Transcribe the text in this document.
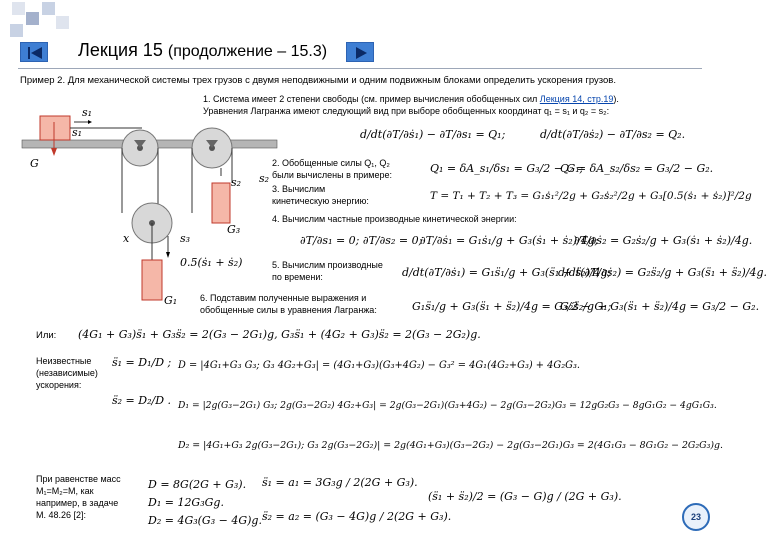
Лекция 15 (продолжение – 15.3)
Пример 2. Для механической системы трех грузов с двумя неподвижными и одним подвижным блоками определить ускорения грузов.
s₁
s₁
G
s₂
s₂
G₃
x	s₃
0.5(ṡ₁ + ṡ₂)
G₁
1. Система имеет 2 степени свободы (см. пример вычисления обобщенных сил Лекция 14, стр.19).
Уравнения Лагранжа имеют следующий вид при выборе обобщенных координат q₁ = s₁ и q₂ = s₂:
d/dt(∂T/∂ṡ₁) − ∂T/∂s₁ = Q₁;	d/dt(∂T/∂ṡ₂) − ∂T/∂s₂ = Q₂.
2. Обобщенные силы Q₁, Q₂
были вычислены в примере:	Q₁ = δA_s₁/δs₁ = G₃/2 − G₁;
Q₂ = δA_s₂/δs₂ = G₃/2 − G₂.
3. Вычислим
кинетическую энергию:	T = T₁ + T₂ + T₃ = G₁ṡ₁²/2g + G₂ṡ₂²/2g + G₃[0.5(ṡ₁ + ṡ₂)]²/2g
4. Вычислим частные производные кинетической энергии:
∂T/∂s₁ = 0; ∂T/∂s₂ = 0;
∂T/∂ṡ₁ = G₁ṡ₁/g + G₃(ṡ₁ + ṡ₂)/4g;
∂T/∂ṡ₂ = G₂ṡ₂/g + G₃(ṡ₁ + ṡ₂)/4g.
5. Вычислим производные
по времени:	d/dt(∂T/∂ṡ₁) = G₁s̈₁/g + G₃(s̈₁ + s̈₂)/4g;
d/dt(∂T/∂ṡ₂) = G₂s̈₂/g + G₃(s̈₁ + s̈₂)/4g.
6. Подставим полученные выражения и
обобщенные силы в уравнения Лагранжа:	G₁s̈₁/g + G₃(s̈₁ + s̈₂)/4g = G₃/2 − G₁;
G₂s̈₂/g + G₃(s̈₁ + s̈₂)/4g = G₃/2 − G₂.
Или: (4G₁ + G₃)s̈₁ + G₃s̈₂ = 2(G₃ − 2G₁)g, G₃s̈₁ + (4G₂ + G₃)s̈₂ = 2(G₃ − 2G₂)g.
Неизвестные
(независимые)
ускорения:
s̈₁ = D₁/D ;
s̈₂ = D₂/D .
D = |4G₁+G₃ G₃; G₃ 4G₂+G₃| = (4G₁+G₃)(G₃+4G₂) − G₃² = 4G₁(4G₂+G₃) + 4G₂G₃.
D₁ = |2g(G₃−2G₁) G₃; 2g(G₃−2G₂) 4G₂+G₃| = 2g(G₃−2G₁)(G₃+4G₂) − 2g(G₃−2G₂)G₃ = 12gG₂G₃ − 8gG₁G₂ − 4gG₁G₃.
D₂ = |4G₁+G₃ 2g(G₃−2G₁); G₃ 2g(G₃−2G₂)| = 2g(4G₁+G₃)(G₃−2G₂) − 2g(G₃−2G₁)G₃ = 2(4G₁G₃ − 8G₁G₂ − 2G₂G₃)g.
При равенстве масс
M₁=M₂=M, как
например, в задаче
М. 48.26 [2]:
D = 8G(2G + G₃).
D₁ = 12G₃Gg.
D₂ = 4G₃(G₃ − 4G)g.
s̈₁ = a₁ = 3G₃g / 2(2G + G₃).
s̈₂ = a₂ = (G₃ − 4G)g / 2(2G + G₃).
(s̈₁ + s̈₂)/2 = (G₃ − G)g / (2G + G₃).
23
